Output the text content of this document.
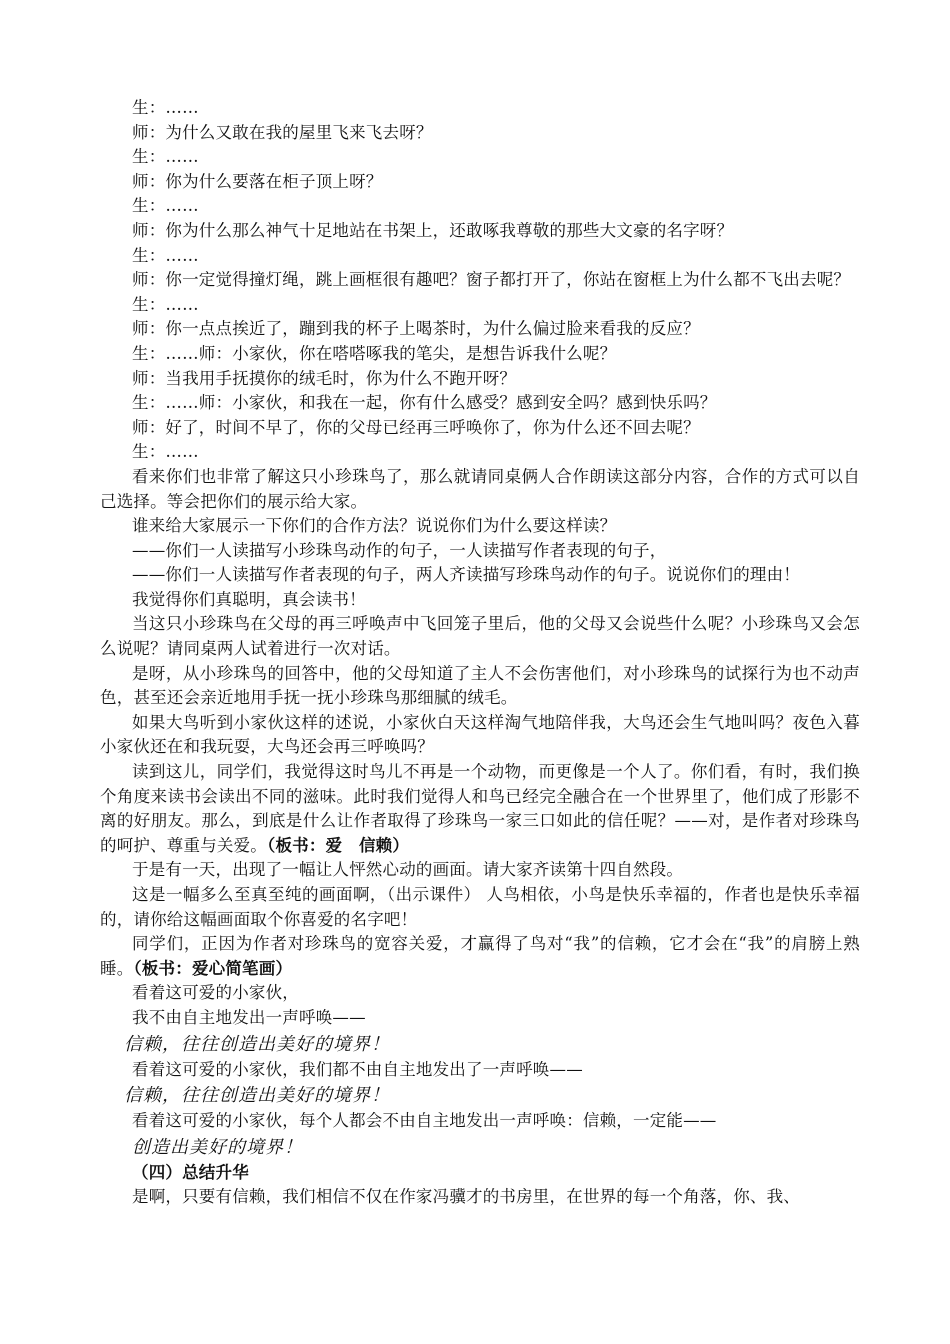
生：……

师：为什么又敢在我的屋里飞来飞去呀？

生：……

师：你为什么要落在柜子顶上呀？

生：……

师：你为什么那么神气十足地站在书架上，还敢啄我尊敬的那些大文豪的名字呀？

生：……

师：你一定觉得撞灯绳，跳上画框很有趣吧？窗子都打开了，你站在窗框上为什么都不飞出去呢？

生：……

师：你一点点挨近了，蹦到我的杯子上喝茶时，为什么偏过脸来看我的反应？

生：……师：小家伙，你在嗒嗒啄我的笔尖，是想告诉我什么呢？

师：当我用手抚摸你的绒毛时，你为什么不跑开呀？

生：……师：小家伙，和我在一起，你有什么感受？感到安全吗？感到快乐吗？

师：好了，时间不早了，你的父母已经再三呼唤你了，你为什么还不回去呢？

生：……

看来你们也非常了解这只小珍珠鸟了，那么就请同桌俩人合作朗读这部分内容，合作的方式可以自己选择。等会把你们的展示给大家。

谁来给大家展示一下你们的合作方法？说说你们为什么要这样读？

——你们一人读描写小珍珠鸟动作的句子，一人读描写作者表现的句子，

——你们一人读描写作者表现的句子，两人齐读描写珍珠鸟动作的句子。说说你们的理由！

我觉得你们真聪明，真会读书！

当这只小珍珠鸟在父母的再三呼唤声中飞回笼子里后，他的父母又会说些什么呢？小珍珠鸟又会怎么说呢？请同桌两人试着进行一次对话。

是呀，从小珍珠鸟的回答中，他的父母知道了主人不会伤害他们，对小珍珠鸟的试探行为也不动声色，甚至还会亲近地用手抚一抚小珍珠鸟那细腻的绒毛。

如果大鸟听到小家伙这样的述说，小家伙白天这样淘气地陪伴我，大鸟还会生气地叫吗？夜色入暮小家伙还在和我玩耍，大鸟还会再三呼唤吗？

读到这儿，同学们，我觉得这时鸟儿不再是一个动物，而更像是一个人了。你们看，有时，我们换个角度来读书会读出不同的滋味。此时我们觉得人和鸟已经完全融合在一个世界里了，他们成了形影不离的好朋友。那么，到底是什么让作者取得了珍珠鸟一家三口如此的信任呢？——对，是作者对珍珠鸟的呵护、尊重与关爱。（板书：爱　信赖）

于是有一天，出现了一幅让人怦然心动的画面。请大家齐读第十四自然段。

这是一幅多么至真至纯的画面啊，（出示课件） 人鸟相依，小鸟是快乐幸福的，作者也是快乐幸福的，请你给这幅画面取个你喜爱的名字吧！

同学们，正因为作者对珍珠鸟的宽容关爱，才赢得了鸟对“我”的信赖，它才会在“我”的肩膀上熟睡。（板书：爱心简笔画）

看着这可爱的小家伙，

我不由自主地发出一声呼唤——

信赖，往往创造出美好的境界！

看着这可爱的小家伙，我们都不由自主地发出了一声呼唤——

信赖，往往创造出美好的境界！

看着这可爱的小家伙，每个人都会不由自主地发出一声呼唤：信赖，一定能——

创造出美好的境界！

（四）总结升华

是啊，只要有信赖，我们相信不仅在作家冯骥才的书房里，在世界的每一个角落，你、我、
